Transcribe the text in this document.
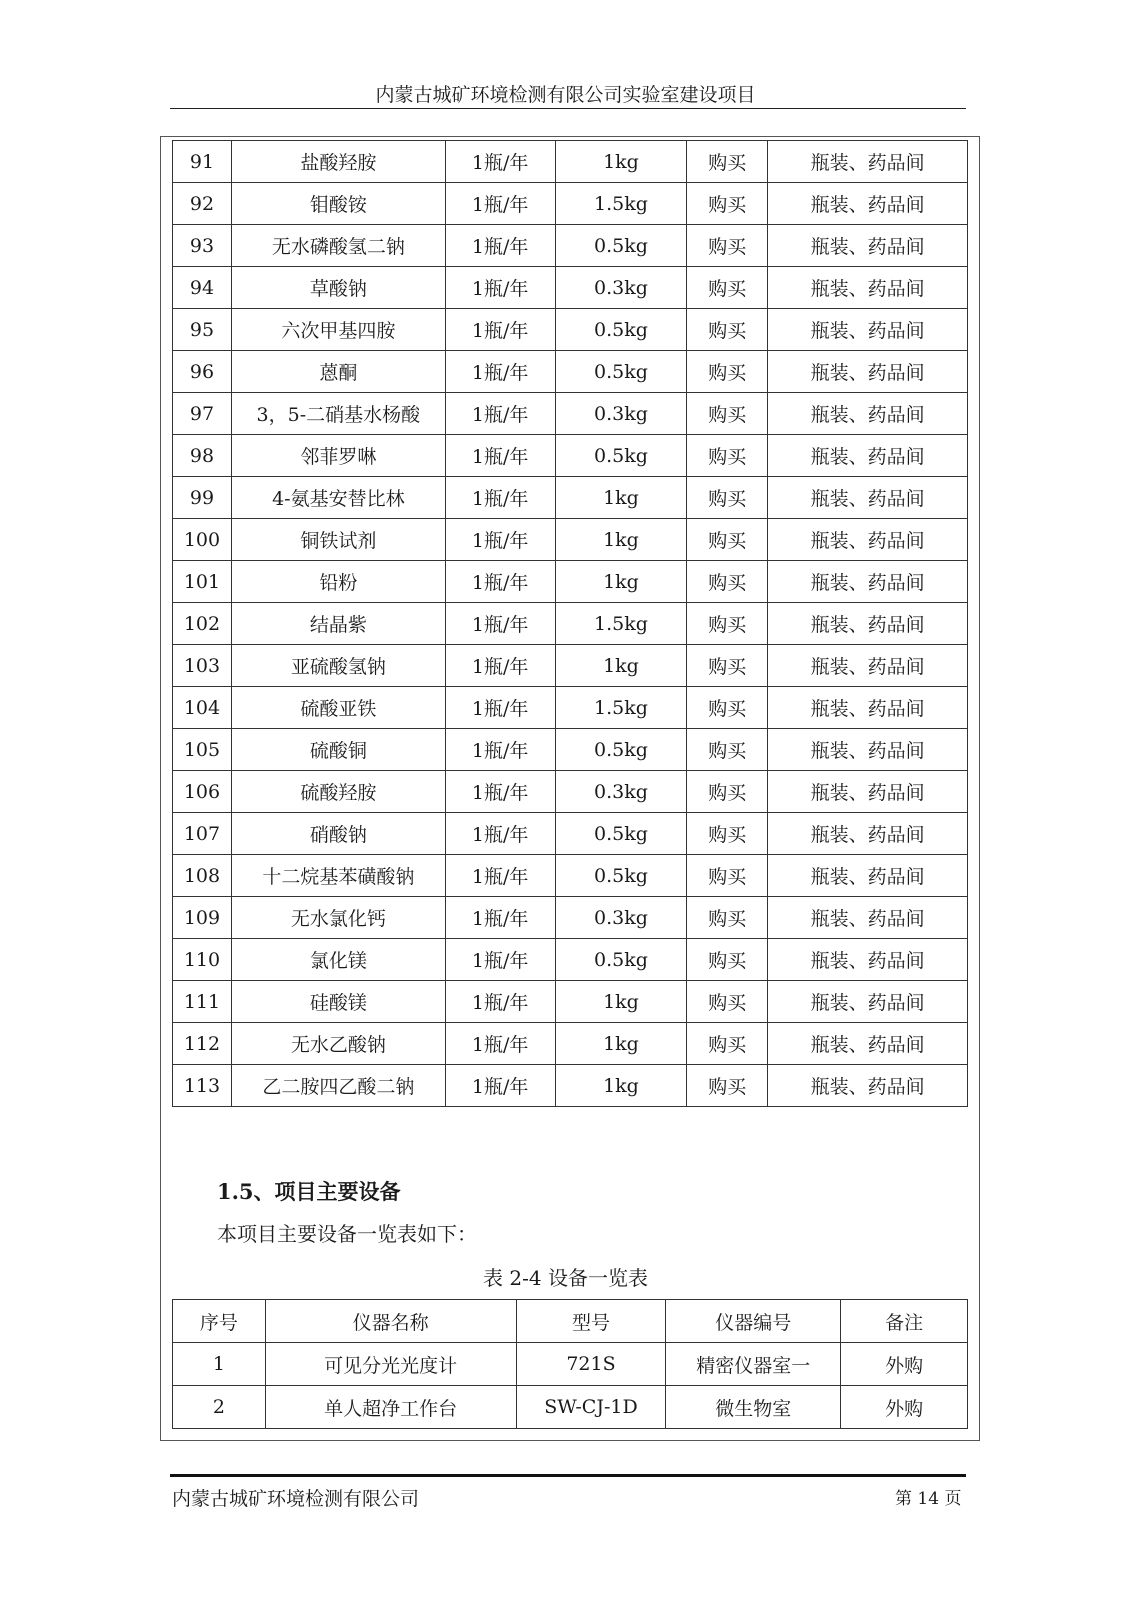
内蒙古城矿环境检测有限公司实验室建设项目
91	盐酸羟胺	1瓶/年	1kg	购买	瓶装、药品间
92	钼酸铵	1瓶/年	1.5kg	购买	瓶装、药品间
93	无水磷酸氢二钠	1瓶/年	0.5kg	购买	瓶装、药品间
94	草酸钠	1瓶/年	0.3kg	购买	瓶装、药品间
95	六次甲基四胺	1瓶/年	0.5kg	购买	瓶装、药品间
96	蒽酮	1瓶/年	0.5kg	购买	瓶装、药品间
97	3，5-二硝基水杨酸	1瓶/年	0.3kg	购买	瓶装、药品间
98	邻菲罗啉	1瓶/年	0.5kg	购买	瓶装、药品间
99	4-氨基安替比林	1瓶/年	1kg	购买	瓶装、药品间
100	铜铁试剂	1瓶/年	1kg	购买	瓶装、药品间
101	铅粉	1瓶/年	1kg	购买	瓶装、药品间
102	结晶紫	1瓶/年	1.5kg	购买	瓶装、药品间
103	亚硫酸氢钠	1瓶/年	1kg	购买	瓶装、药品间
104	硫酸亚铁	1瓶/年	1.5kg	购买	瓶装、药品间
105	硫酸铜	1瓶/年	0.5kg	购买	瓶装、药品间
106	硫酸羟胺	1瓶/年	0.3kg	购买	瓶装、药品间
107	硝酸钠	1瓶/年	0.5kg	购买	瓶装、药品间
108	十二烷基苯磺酸钠	1瓶/年	0.5kg	购买	瓶装、药品间
109	无水氯化钙	1瓶/年	0.3kg	购买	瓶装、药品间
110	氯化镁	1瓶/年	0.5kg	购买	瓶装、药品间
111	硅酸镁	1瓶/年	1kg	购买	瓶装、药品间
112	无水乙酸钠	1瓶/年	1kg	购买	瓶装、药品间
113	乙二胺四乙酸二钠	1瓶/年	1kg	购买	瓶装、药品间
1.5、项目主要设备
本项目主要设备一览表如下：
表 2-4 设备一览表
序号	仪器名称	型号	仪器编号	备注
1	可见分光光度计	721S	精密仪器室一	外购
2	单人超净工作台	SW-CJ-1D	微生物室	外购
内蒙古城矿环境检测有限公司	第 14 页
